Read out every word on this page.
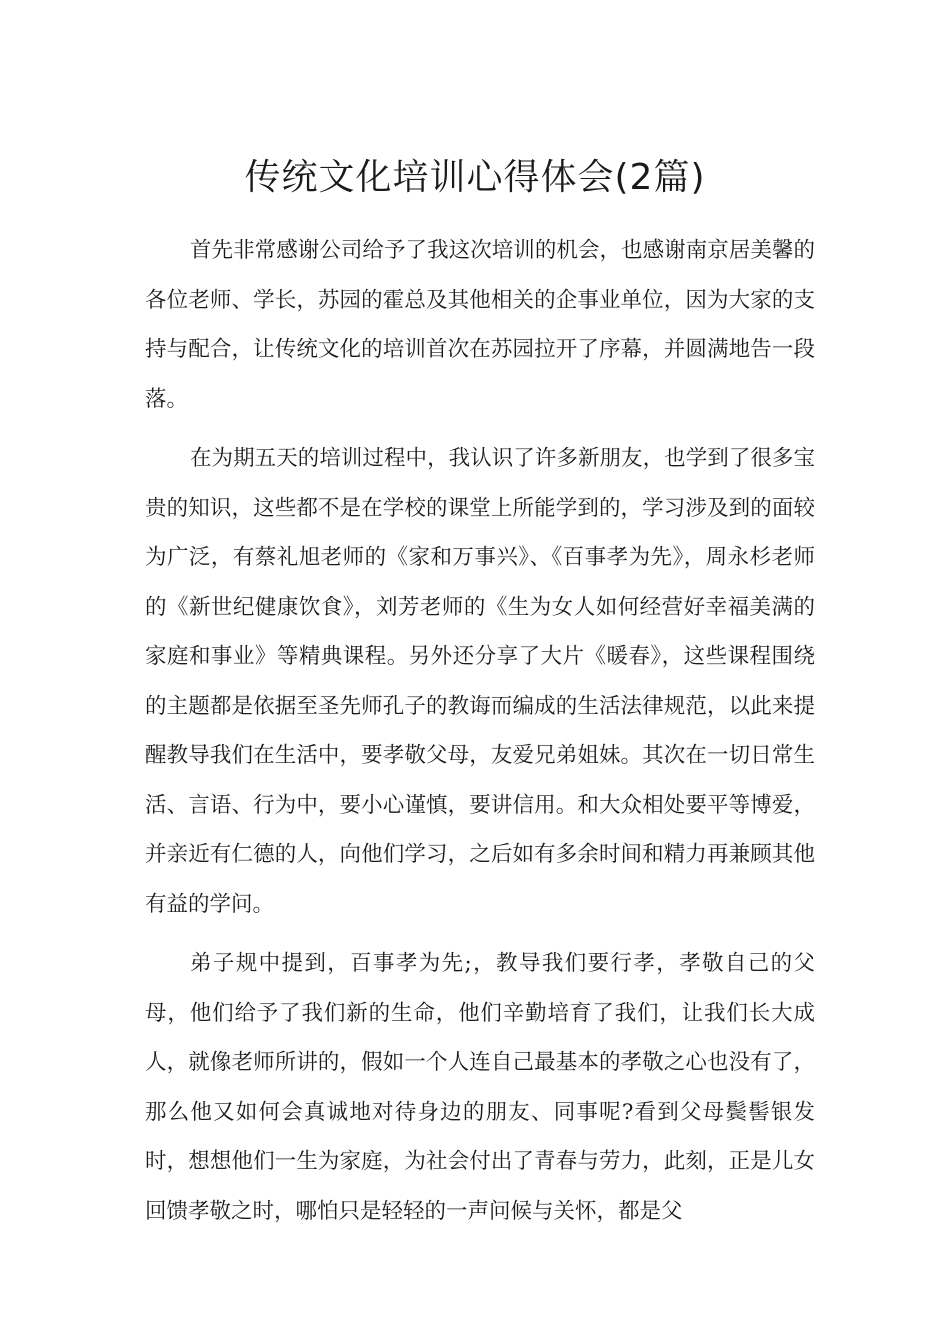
传统文化培训心得体会(2篇)

首先非常感谢公司给予了我这次培训的机会，也感谢南京居美馨的各位老师、学长，苏园的霍总及其他相关的企事业单位，因为大家的支持与配合，让传统文化的培训首次在苏园拉开了序幕，并圆满地告一段落。

在为期五天的培训过程中，我认识了许多新朋友，也学到了很多宝贵的知识，这些都不是在学校的课堂上所能学到的，学习涉及到的面较为广泛，有蔡礼旭老师的《家和万事兴》、《百事孝为先》，周永杉老师的《新世纪健康饮食》，刘芳老师的《生为女人如何经营好幸福美满的家庭和事业》等精典课程。另外还分享了大片《暖春》，这些课程围绕的主题都是依据至圣先师孔子的教诲而编成的生活法律规范，以此来提醒教导我们在生活中，要孝敬父母，友爱兄弟姐妹。其次在一切日常生活、言语、行为中，要小心谨慎，要讲信用。和大众相处要平等博爱，并亲近有仁德的人，向他们学习，之后如有多余时间和精力再兼顾其他有益的学问。

弟子规中提到，百事孝为先;，教导我们要行孝，孝敬自己的父母，他们给予了我们新的生命，他们辛勤培育了我们，让我们长大成人，就像老师所讲的，假如一个人连自己最基本的孝敬之心也没有了，那么他又如何会真诚地对待身边的朋友、同事呢?看到父母鬓髻银发时，想想他们一生为家庭，为社会付出了青春与劳力，此刻，正是儿女回馈孝敬之时，哪怕只是轻轻的一声问候与关怀，都是父
